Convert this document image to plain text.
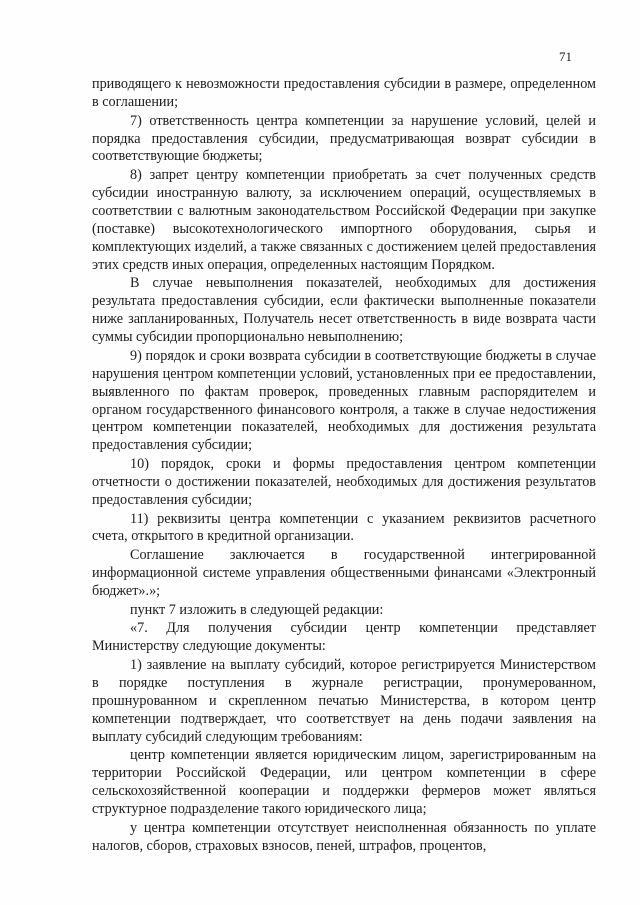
71

приводящего к невозможности предоставления субсидии в размере, определенном в соглашении;

7) ответственность центра компетенции за нарушение условий, целей и порядка предоставления субсидии, предусматривающая возврат субсидии в соответствующие бюджеты;

8) запрет центру компетенции приобретать за счет полученных средств субсидии иностранную валюту, за исключением операций, осуществляемых в соответствии с валютным законодательством Российской Федерации при закупке (поставке) высокотехнологического импортного оборудования, сырья и комплектующих изделий, а также связанных с достижением целей предоставления этих средств иных операция, определенных настоящим Порядком.

В случае невыполнения показателей, необходимых для достижения результата предоставления субсидии, если фактически выполненные показатели ниже запланированных, Получатель несет ответственность в виде возврата части суммы субсидии пропорционально невыполнению;

9) порядок и сроки возврата субсидии в соответствующие бюджеты в случае нарушения центром компетенции условий, установленных при ее предоставлении, выявленного по фактам проверок, проведенных главным распорядителем и органом государственного финансового контроля, а также в случае недостижения центром компетенции показателей, необходимых для достижения результата предоставления субсидии;

10) порядок, сроки и формы предоставления центром компетенции отчетности о достижении показателей, необходимых для достижения результатов предоставления субсидии;

11) реквизиты центра компетенции с указанием реквизитов расчетного счета, открытого в кредитной организации.

Соглашение заключается в государственной интегрированной информационной системе управления общественными финансами «Электронный бюджет».»;

пункт 7 изложить в следующей редакции:

«7. Для получения субсидии центр компетенции представляет Министерству следующие документы:

1) заявление на выплату субсидий, которое регистрируется Министерством в порядке поступления в журнале регистрации, пронумерованном, прошнурованном и скрепленном печатью Министерства, в котором центр компетенции подтверждает, что соответствует на день подачи заявления на выплату субсидий следующим требованиям:

центр компетенции является юридическим лицом, зарегистрированным на территории Российской Федерации, или центром компетенции в сфере сельскохозяйственной кооперации и поддержки фермеров может являться структурное подразделение такого юридического лица;

у центра компетенции отсутствует неисполненная обязанность по уплате налогов, сборов, страховых взносов, пеней, штрафов, процентов,
